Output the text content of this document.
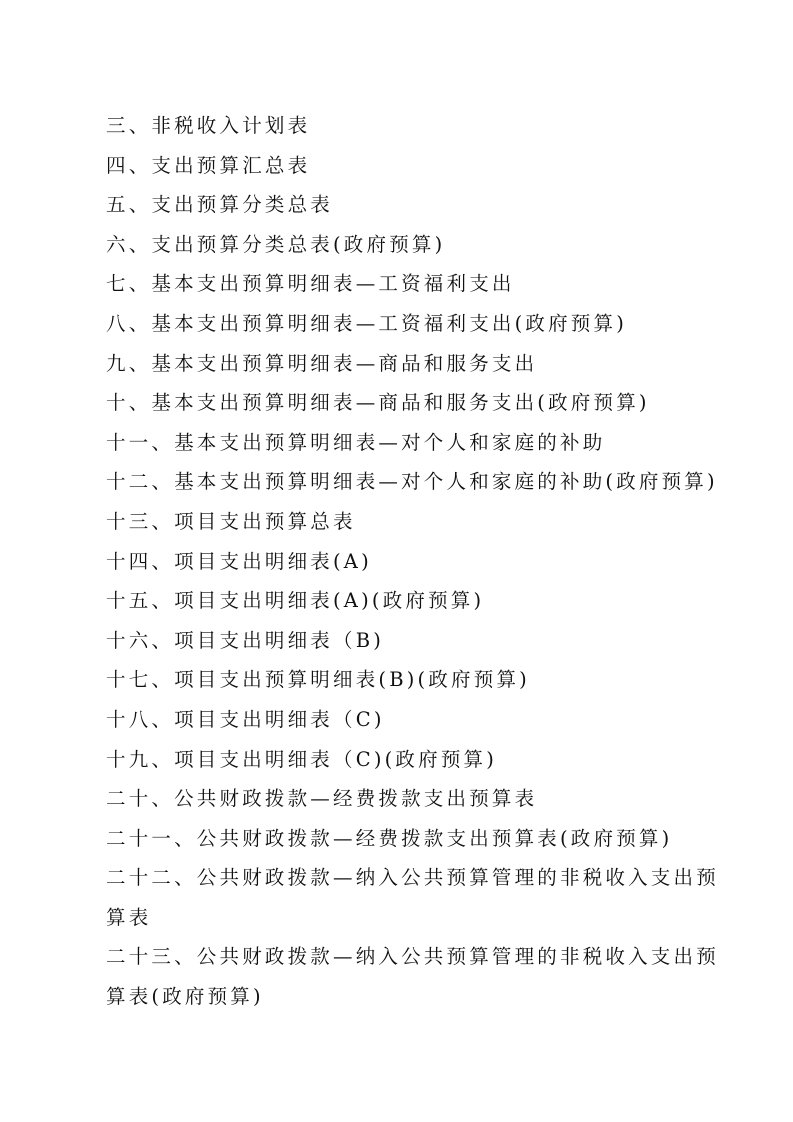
三、非税收入计划表
四、支出预算汇总表
五、支出预算分类总表
六、支出预算分类总表(政府预算)
七、基本支出预算明细表—工资福利支出
八、基本支出预算明细表—工资福利支出(政府预算)
九、基本支出预算明细表—商品和服务支出
十、基本支出预算明细表—商品和服务支出(政府预算)
十一、基本支出预算明细表—对个人和家庭的补助
十二、基本支出预算明细表—对个人和家庭的补助(政府预算)
十三、项目支出预算总表
十四、项目支出明细表(A)
十五、项目支出明细表(A)(政府预算)
十六、项目支出明细表（B)
十七、项目支出预算明细表(B)(政府预算)
十八、项目支出明细表（C)
十九、项目支出明细表（C)(政府预算)
二十、公共财政拨款—经费拨款支出预算表
二十一、公共财政拨款—经费拨款支出预算表(政府预算)
二十二、公共财政拨款—纳入公共预算管理的非税收入支出预
算表
二十三、公共财政拨款—纳入公共预算管理的非税收入支出预
算表(政府预算)
